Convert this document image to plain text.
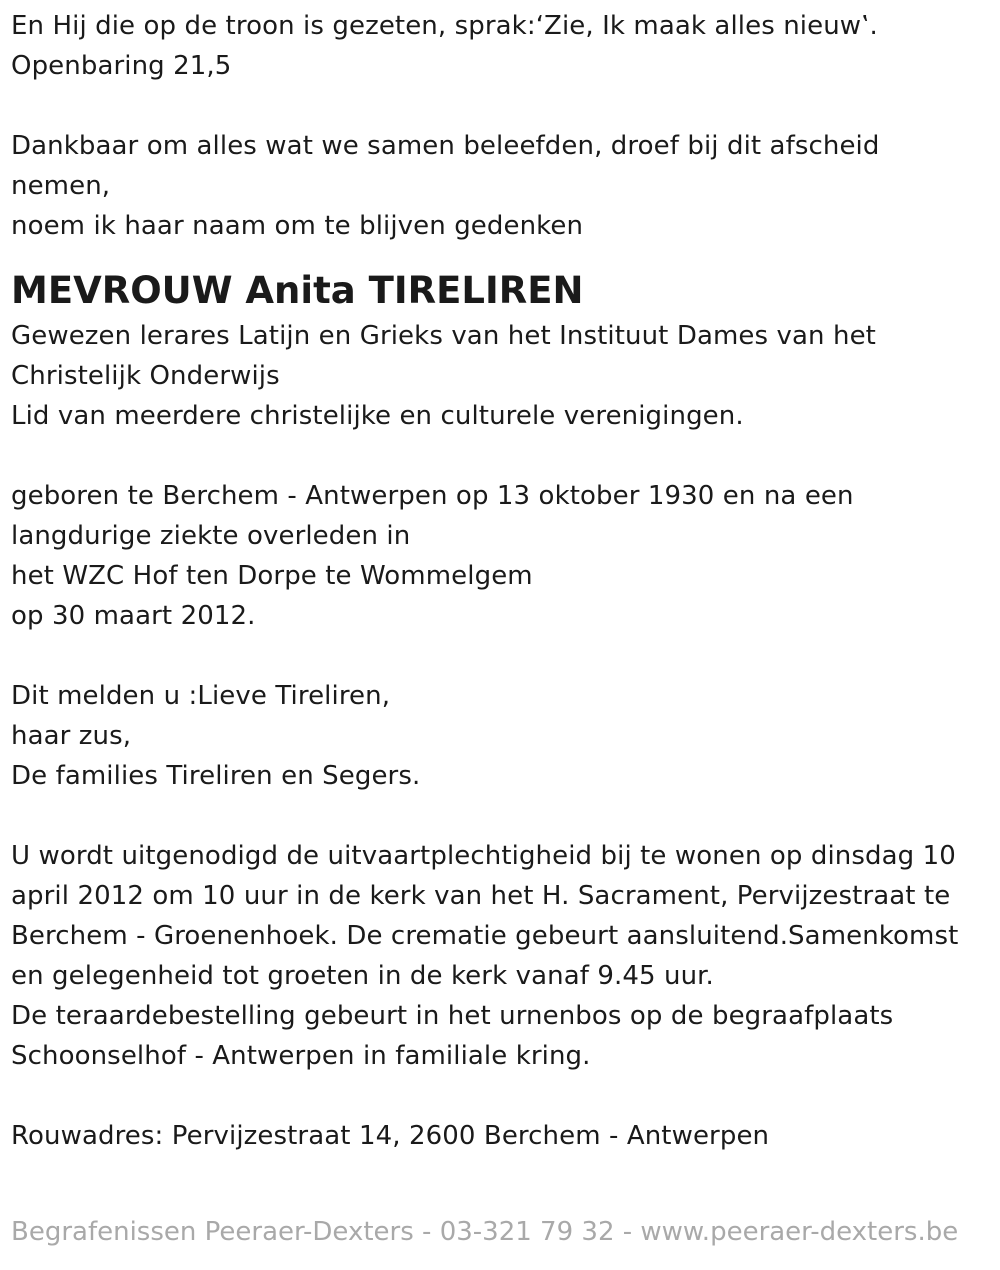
En Hij die op de troon is gezeten, sprak:‘Zie, Ik maak alles nieuw‛.
Openbaring 21,5
Dankbaar om alles wat we samen beleefden, droef bij dit afscheid
nemen,
noem ik haar naam om te blijven gedenken
MEVROUW Anita TIRELIREN
Gewezen lerares Latijn en Grieks van het Instituut Dames van het
Christelijk Onderwijs
Lid van meerdere christelijke en culturele verenigingen.
geboren te Berchem - Antwerpen op 13 oktober 1930 en na een
langdurige ziekte overleden in
het WZC Hof ten Dorpe te Wommelgem
op 30 maart 2012.
Dit melden u :Lieve Tireliren,
haar zus,
De families Tireliren en Segers.
U wordt uitgenodigd de uitvaartplechtigheid bij te wonen op dinsdag 10
april 2012 om 10 uur in de kerk van het H. Sacrament, Pervijzestraat te
Berchem - Groenenhoek. De crematie gebeurt aansluitend.Samenkomst
en gelegenheid tot groeten in de kerk vanaf 9.45 uur.
De teraardebestelling gebeurt in het urnenbos op de begraafplaats
Schoonselhof - Antwerpen in familiale kring.
Rouwadres: Pervijzestraat 14, 2600 Berchem - Antwerpen
Begrafenissen Peeraer-Dexters - 03-321 79 32 - www.peeraer-dexters.be
